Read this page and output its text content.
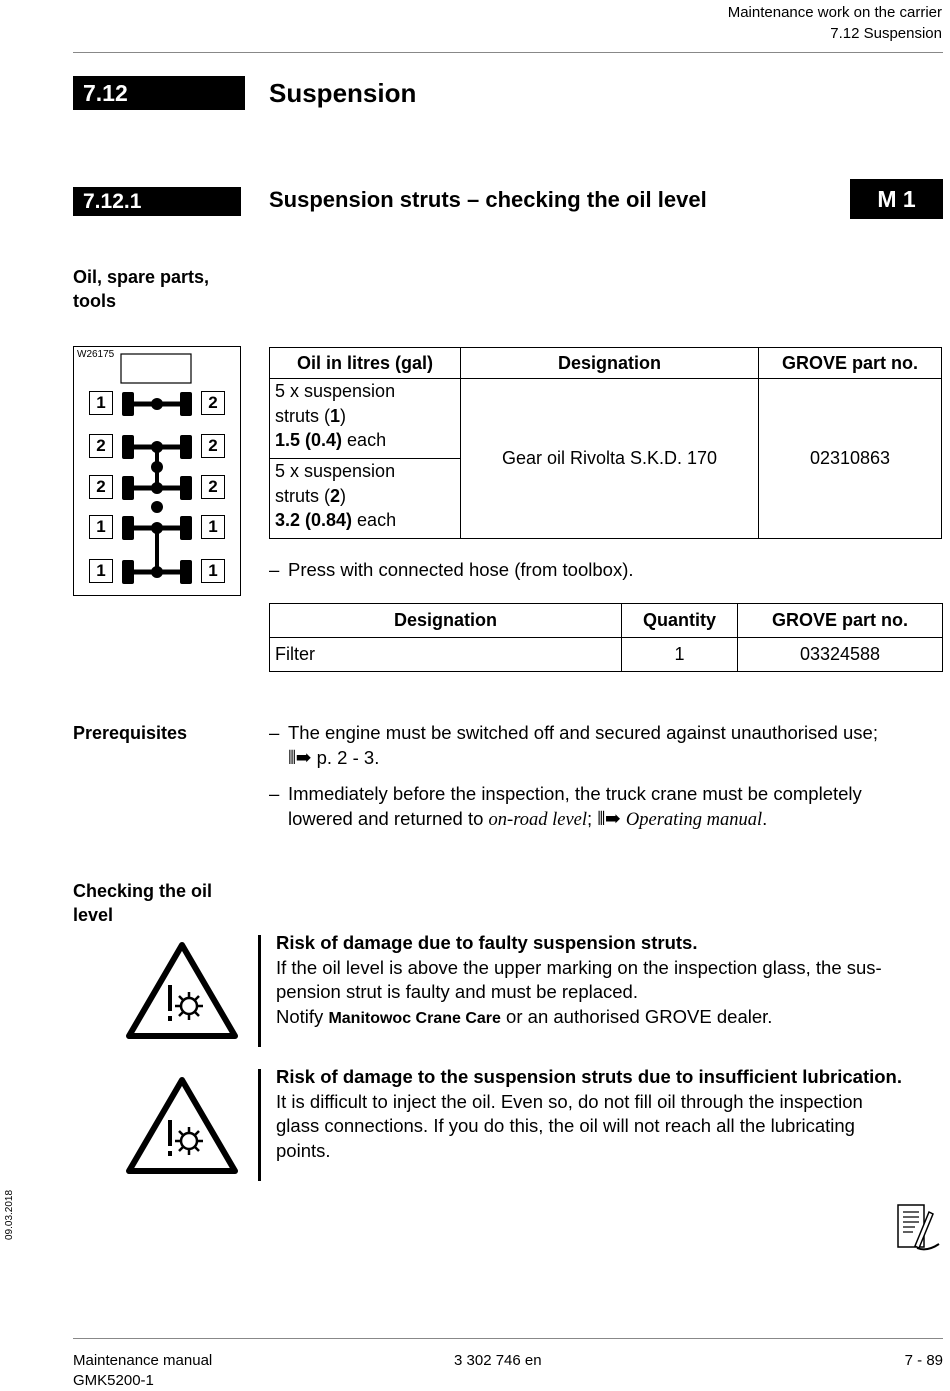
Maintenance work on the carrier
7.12 Suspension
7.12	Suspension
7.12.1	Suspension struts – checking the oil level	M 1
Oil, spare parts,
tools
W26175
1	2
2	2
2	2
1	1
1	1
Oil in litres (gal)	Designation	GROVE part no.

5 x suspension
struts (1)
1.5 (0.4) each	Gear oil Rivolta S.K.D. 170	02310863

5 x suspension
struts (2)
3.2 (0.84) each		
– Press with connected hose (from toolbox).
Designation	Quantity	GROVE part no.
Filter	1	03324588
Prerequisites	– The engine must be switched off and secured against unauthorised use;
⦀➡ p. 2 - 3.
– Immediately before the inspection, the truck crane must be completely
lowered and returned to on-road level; ⦀➡ Operating manual.
Checking the oil
level
Risk of damage due to faulty suspension struts.
If the oil level is above the upper marking on the inspection glass, the sus-
pension strut is faulty and must be replaced.
Notify Manitowoc Crane Care or an authorised GROVE dealer.
Risk of damage to the suspension struts due to insufficient lubrication.
It is difficult to inject the oil. Even so, do not fill oil through the inspection
glass connections. If you do this, the oil will not reach all the lubricating
points.
09.03.2018
Maintenance manual
GMK5200-1
3 302 746 en	7 - 89
